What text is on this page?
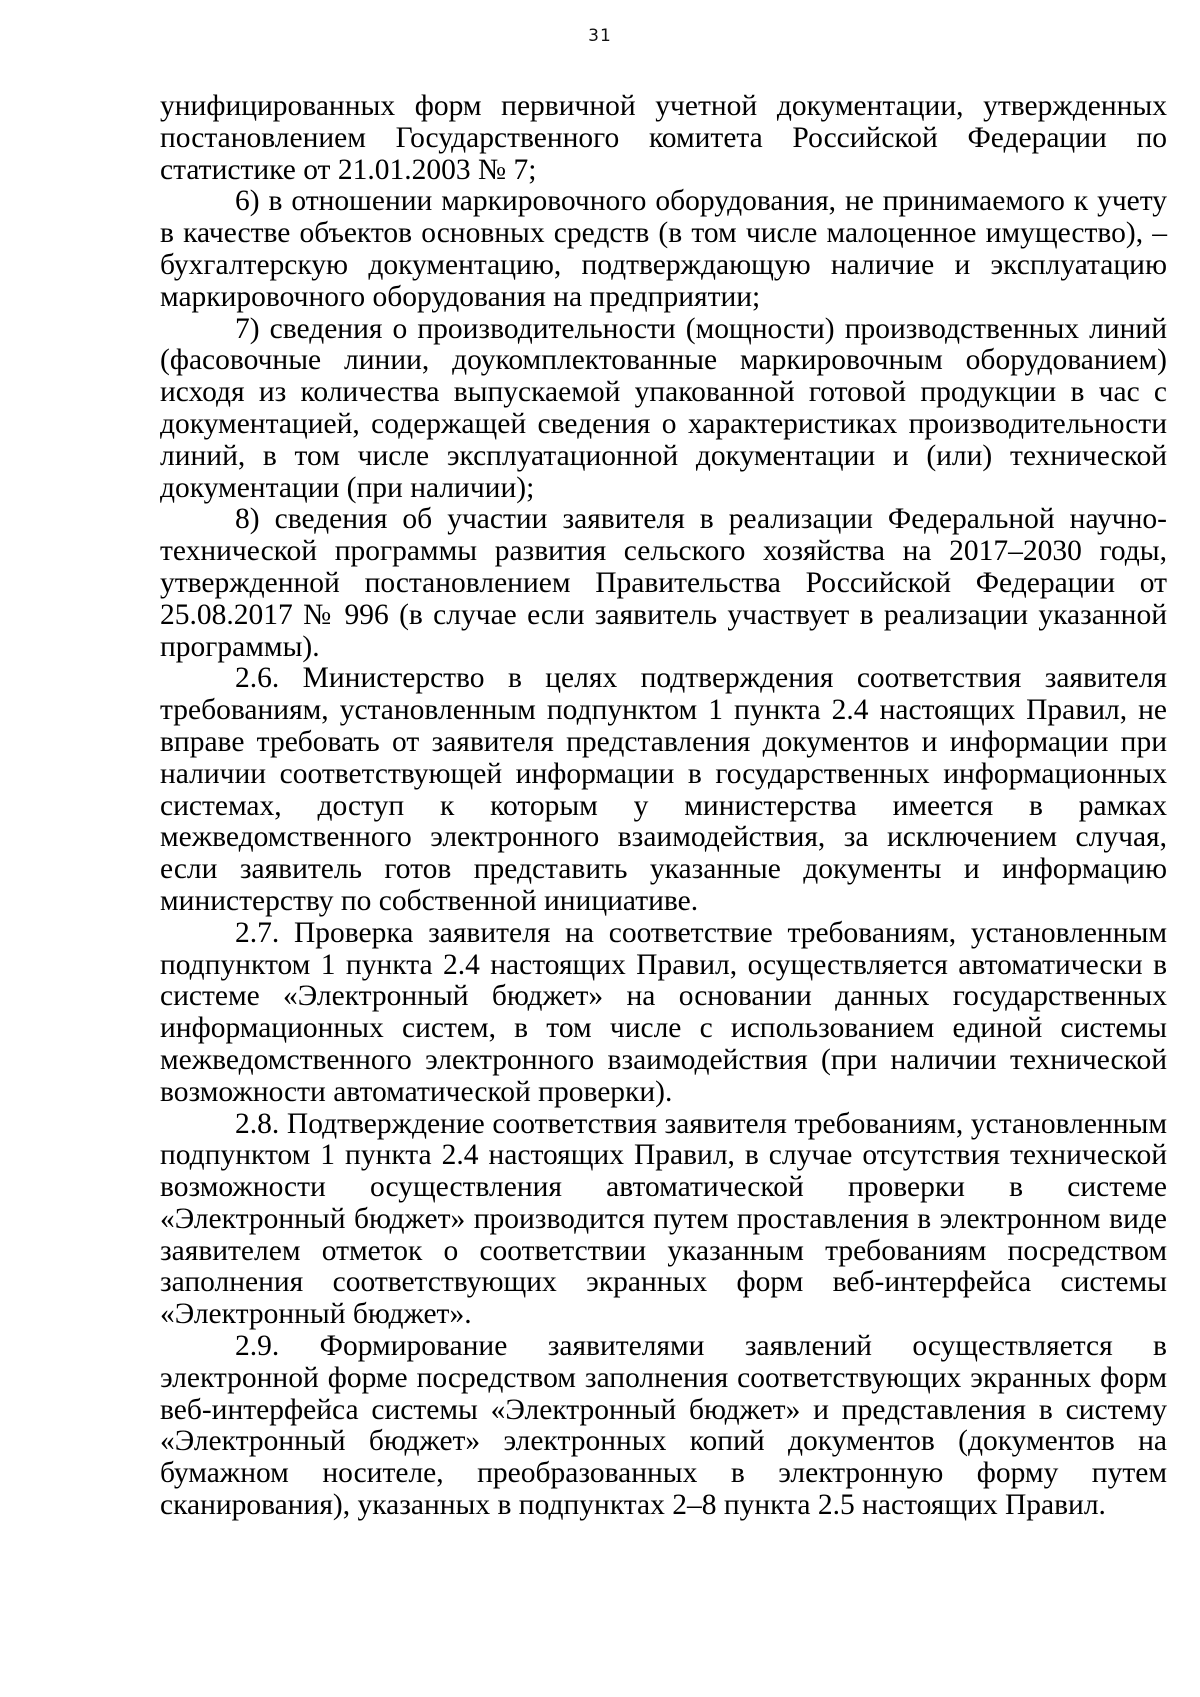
31

унифицированных форм первичной учетной документации, утвержденных постановлением Государственного комитета Российской Федерации по статистике от 21.01.2003 № 7;

6) в отношении маркировочного оборудования, не принимаемого к учету в качестве объектов основных средств (в том числе малоценное имущество), – бухгалтерскую документацию, подтверждающую наличие и эксплуатацию маркировочного оборудования на предприятии;

7) сведения о производительности (мощности) производственных линий (фасовочные линии, доукомплектованные маркировочным оборудованием) исходя из количества выпускаемой упакованной готовой продукции в час с документацией, содержащей сведения о характеристиках производительности линий, в том числе эксплуатационной документации и (или) технической документации (при наличии);

8) сведения об участии заявителя в реализации Федеральной научно-технической программы развития сельского хозяйства на 2017–2030 годы, утвержденной постановлением Правительства Российской Федерации от 25.08.2017 № 996 (в случае если заявитель участвует в реализации указанной программы).

2.6. Министерство в целях подтверждения соответствия заявителя требованиям, установленным подпунктом 1 пункта 2.4 настоящих Правил, не вправе требовать от заявителя представления документов и информации при наличии соответствующей информации в государственных информационных системах, доступ к которым у министерства имеется в рамках межведомственного электронного взаимодействия, за исключением случая, если заявитель готов представить указанные документы и информацию министерству по собственной инициативе.

2.7. Проверка заявителя на соответствие требованиям, установленным подпунктом 1 пункта 2.4 настоящих Правил, осуществляется автоматически в системе «Электронный бюджет» на основании данных государственных информационных систем, в том числе с использованием единой системы межведомственного электронного взаимодействия (при наличии технической возможности автоматической проверки).

2.8. Подтверждение соответствия заявителя требованиям, установленным подпунктом 1 пункта 2.4 настоящих Правил, в случае отсутствия технической возможности осуществления автоматической проверки в системе «Электронный бюджет» производится путем проставления в электронном виде заявителем отметок о соответствии указанным требованиям посредством заполнения соответствующих экранных форм веб-интерфейса системы «Электронный бюджет».

2.9. Формирование заявителями заявлений осуществляется в электронной форме посредством заполнения соответствующих экранных форм веб-интерфейса системы «Электронный бюджет» и представления в систему «Электронный бюджет» электронных копий документов (документов на бумажном носителе, преобразованных в электронную форму путем сканирования), указанных в подпунктах 2–8 пункта 2.5 настоящих Правил.
